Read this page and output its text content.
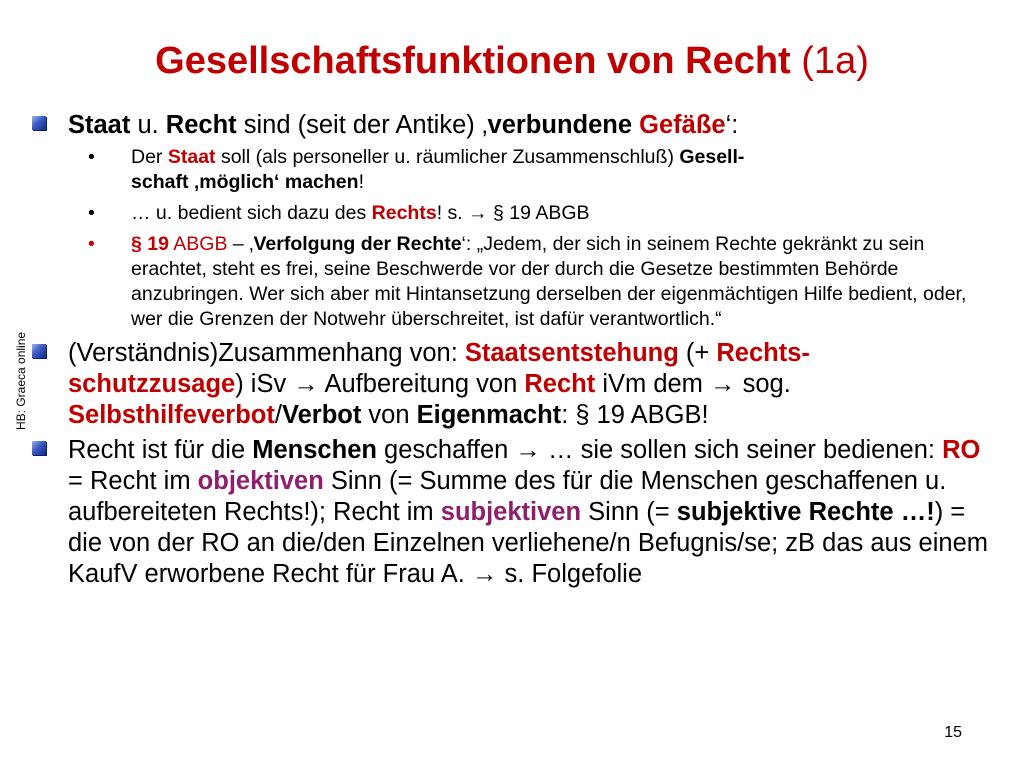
Gesellschaftsfunktionen von Recht (1a)
HB: Graeca online
Staat u. Recht sind (seit der Antike) ‚verbundene Gefäße‘:
• Der Staat soll (als personeller u. räumlicher Zusammenschluß) Gesell-
schaft ‚möglich‘ machen!
• … u. bedient sich dazu des Rechts! s. → § 19 ABGB
• § 19 ABGB – ‚Verfolgung der Rechte‘: „Jedem, der sich in seinem Rechte gekränkt zu sein erachtet, steht es frei, seine Beschwerde vor der durch die Gesetze bestimmten Behörde anzubringen. Wer sich aber mit Hintansetzung derselben der eigenmächtigen Hilfe bedient, oder, wer die Grenzen der Notwehr überschreitet, ist dafür verantwortlich.“
(Verständnis)Zusammenhang von: Staatsentstehung (+ Rechts-
schutzzusage) iSv → Aufbereitung von Recht iVm dem → sog. Selbsthilfeverbot/Verbot von Eigenmacht: § 19 ABGB!
Recht ist für die Menschen geschaffen → … sie sollen sich seiner bedienen: RO = Recht im objektiven Sinn (= Summe des für die Menschen geschaffenen u. aufbereiteten Rechts!); Recht im subjektiven Sinn (= subjektive Rechte …!) = die von der RO an die/den Einzelnen verliehene/n Befugnis/se; zB das aus einem KaufV erworbene Recht für Frau A. → s. Folgefolie
15
